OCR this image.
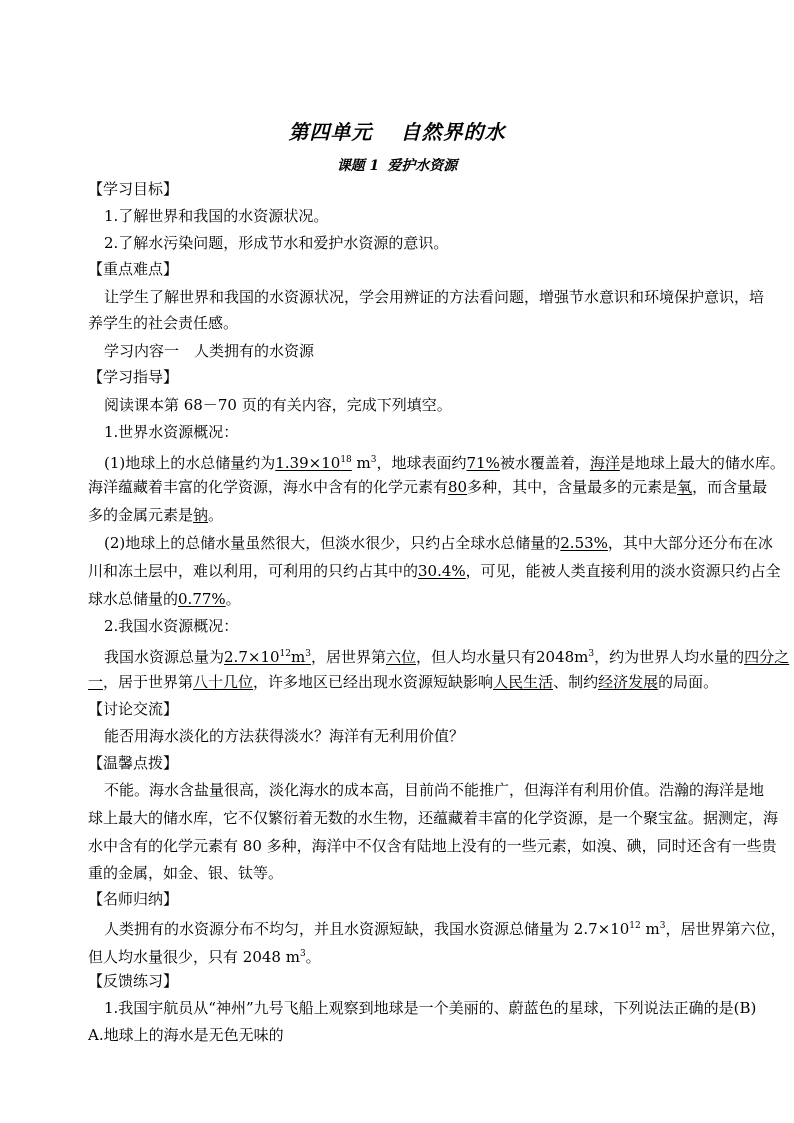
第四单元 自然界的水
课题 1 爱护水资源
【学习目标】
1.了解世界和我国的水资源状况。
2.了解水污染问题，形成节水和爱护水资源的意识。
【重点难点】
让学生了解世界和我国的水资源状况，学会用辨证的方法看问题，增强节水意识和环境保护意识，培
养学生的社会责任感。
学习内容一　人类拥有的水资源
【学习指导】
阅读课本第 68－70 页的有关内容，完成下列填空。
1.世界水资源概况：
(1)地球上的水总储量约为$1.39\times 10^{18}$ $m^3$，地球表面约71%被水覆盖着，海洋是地球上最大的储水库。
海洋蕴藏着丰富的化学资源，海水中含有的化学元素有80多种，其中，含量最多的元素是氧，而含量最
多的金属元素是钠。
(2)地球上的总储水量虽然很大，但淡水很少，只约占全球水总储量的2.53%，其中大部分还分布在冰
川和冻土层中，难以利用，可利用的只约占其中的30.4%，可见，能被人类直接利用的淡水资源只约占全
球水总储量的0.77%。
2.我国水资源概况：
我国水资源总量为$2.7\times 10^{12}m^3$，居世界第六位，但人均水量只有$2048m^3$，约为世界人均水量的四分之
一，居于世界第八十几位，许多地区已经出现水资源短缺影响人民生活、制约经济发展的局面。
【讨论交流】
能否用海水淡化的方法获得淡水？海洋有无利用价值？
【温馨点拨】
不能。海水含盐量很高，淡化海水的成本高，目前尚不能推广，但海洋有利用价值。浩瀚的海洋是地
球上最大的储水库，它不仅繁衍着无数的水生物，还蕴藏着丰富的化学资源，是一个聚宝盆。据测定，海
水中含有的化学元素有 80 多种，海洋中不仅含有陆地上没有的一些元素，如溴、碘，同时还含有一些贵
重的金属，如金、银、钛等。
【名师归纳】
人类拥有的水资源分布不均匀，并且水资源短缺，我国水资源总储量为 $2.7\times 10^{12}$ $m^3$，居世界第六位，
但人均水量很少，只有 2048 $m^3$。
【反馈练习】
1.我国宇航员从“神州”九号飞船上观察到地球是一个美丽的、蔚蓝色的星球，下列说法正确的是(B)
A.地球上的海水是无色无味的
